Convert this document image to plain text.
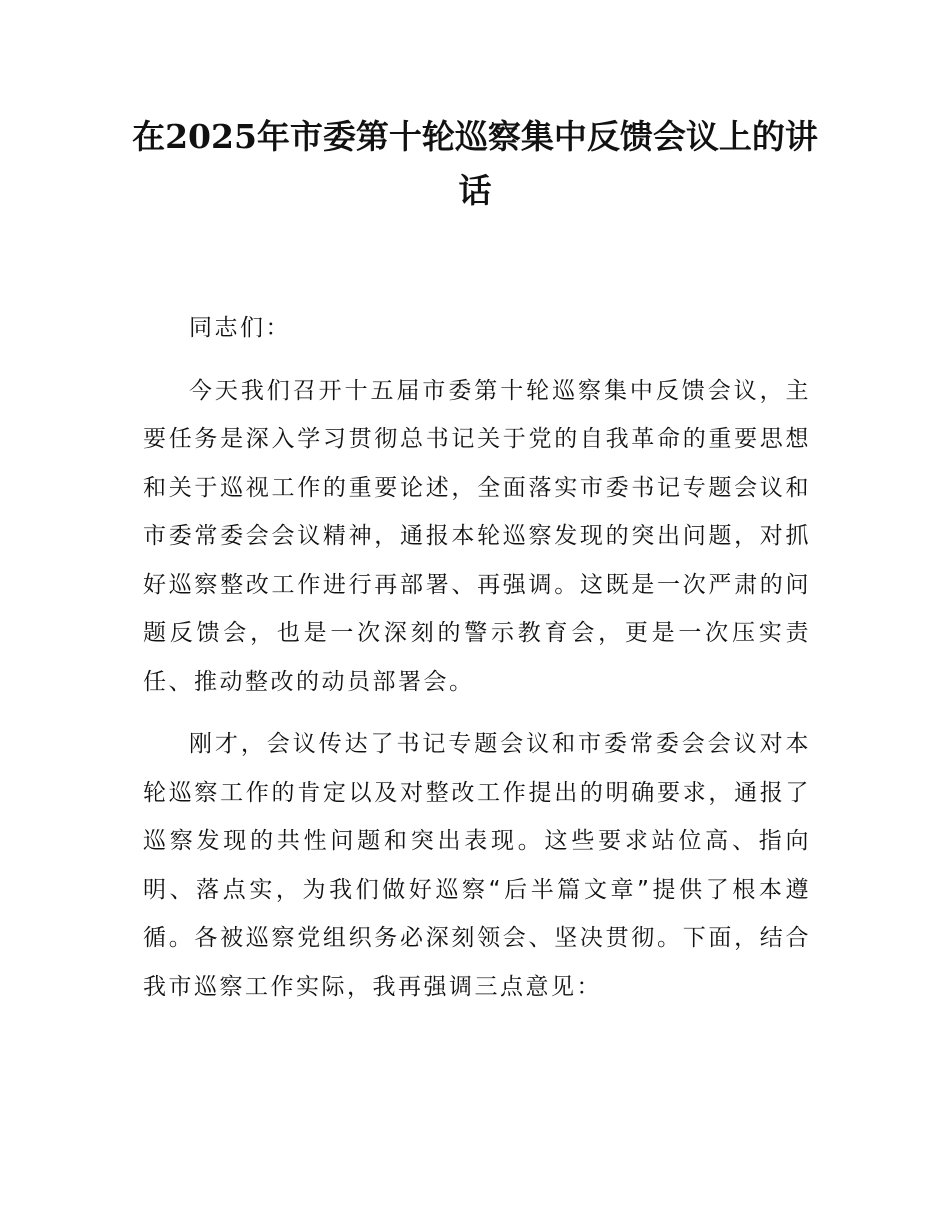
在2025年市委第十轮巡察集中反馈会议上的讲话

同志们：

今天我们召开十五届市委第十轮巡察集中反馈会议，主要任务是深入学习贯彻总书记关于党的自我革命的重要思想和关于巡视工作的重要论述，全面落实市委书记专题会议和市委常委会会议精神，通报本轮巡察发现的突出问题，对抓好巡察整改工作进行再部署、再强调。这既是一次严肃的问题反馈会，也是一次深刻的警示教育会，更是一次压实责任、推动整改的动员部署会。

刚才，会议传达了书记专题会议和市委常委会会议对本轮巡察工作的肯定以及对整改工作提出的明确要求，通报了巡察发现的共性问题和突出表现。这些要求站位高、指向明、落点实，为我们做好巡察“后半篇文章”提供了根本遵循。各被巡察党组织务必深刻领会、坚决贯彻。下面，结合我市巡察工作实际，我再强调三点意见：
